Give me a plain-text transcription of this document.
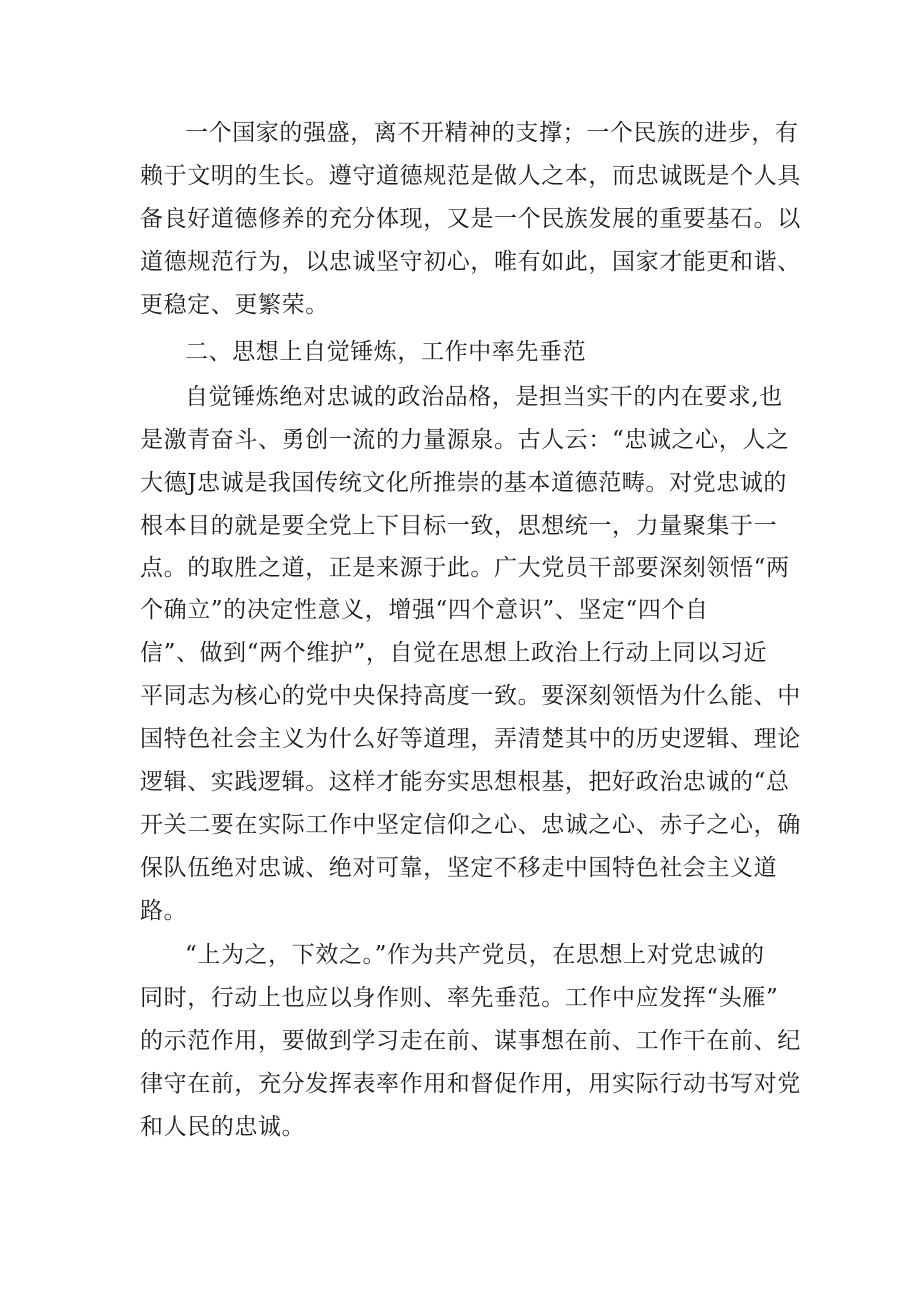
一个国家的强盛，离不开精神的支撑；一个民族的进步，有
赖于文明的生长。遵守道德规范是做人之本，而忠诚既是个人具
备良好道德修养的充分体现，又是一个民族发展的重要基石。以
道德规范行为，以忠诚坚守初心，唯有如此，国家才能更和谐、
更稳定、更繁荣。
二、思想上自觉锤炼，工作中率先垂范
自觉锤炼绝对忠诚的政治品格，是担当实干的内在要求,也
是激青奋斗、勇创一流的力量源泉。古人云：“忠诚之心，人之
大德J忠诚是我国传统文化所推崇的基本道德范畴。对党忠诚的
根本目的就是要全党上下目标一致，思想统一，力量聚集于一
点。的取胜之道，正是来源于此。广大党员干部要深刻领悟“两
个确立”的决定性意义，增强“四个意识”、坚定“四个自
信”、做到“两个维护”，自觉在思想上政治上行动上同以习近
平同志为核心的党中央保持高度一致。要深刻领悟为什么能、中
国特色社会主义为什么好等道理，弄清楚其中的历史逻辑、理论
逻辑、实践逻辑。这样才能夯实思想根基，把好政治忠诚的“总
开关二要在实际工作中坚定信仰之心、忠诚之心、赤子之心，确
保队伍绝对忠诚、绝对可靠，坚定不移走中国特色社会主义道
路。
“上为之，下效之。”作为共产党员，在思想上对党忠诚的
同时，行动上也应以身作则、率先垂范。工作中应发挥“头雁”
的示范作用，要做到学习走在前、谋事想在前、工作干在前、纪
律守在前，充分发挥表率作用和督促作用，用实际行动书写对党
和人民的忠诚。
